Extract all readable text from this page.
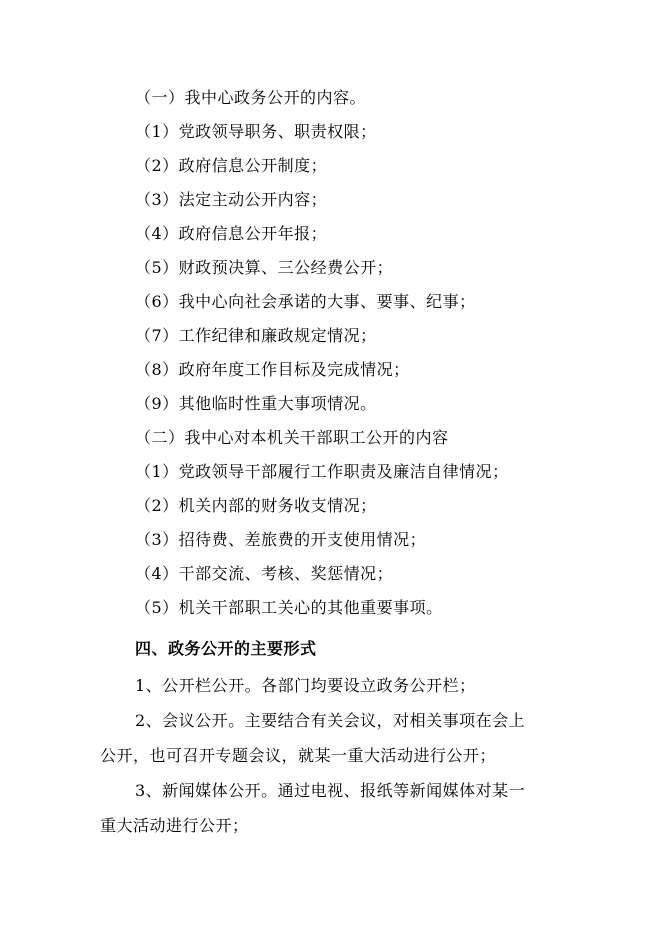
（一）我中心政务公开的内容。
（1）党政领导职务、职责权限；
（2）政府信息公开制度；
（3）法定主动公开内容；
（4）政府信息公开年报；
（5）财政预决算、三公经费公开；
（6）我中心向社会承诺的大事、要事、纪事；
（7）工作纪律和廉政规定情况；
（8）政府年度工作目标及完成情况；
（9）其他临时性重大事项情况。
（二）我中心对本机关干部职工公开的内容
（1）党政领导干部履行工作职责及廉洁自律情况；
（2）机关内部的财务收支情况；
（3）招待费、差旅费的开支使用情况；
（4）干部交流、考核、奖惩情况；
（5）机关干部职工关心的其他重要事项。
四、政务公开的主要形式
1、公开栏公开。各部门均要设立政务公开栏；
2、会议公开。主要结合有关会议，对相关事项在会上
公开，也可召开专题会议，就某一重大活动进行公开；
3、新闻媒体公开。通过电视、报纸等新闻媒体对某一
重大活动进行公开；
